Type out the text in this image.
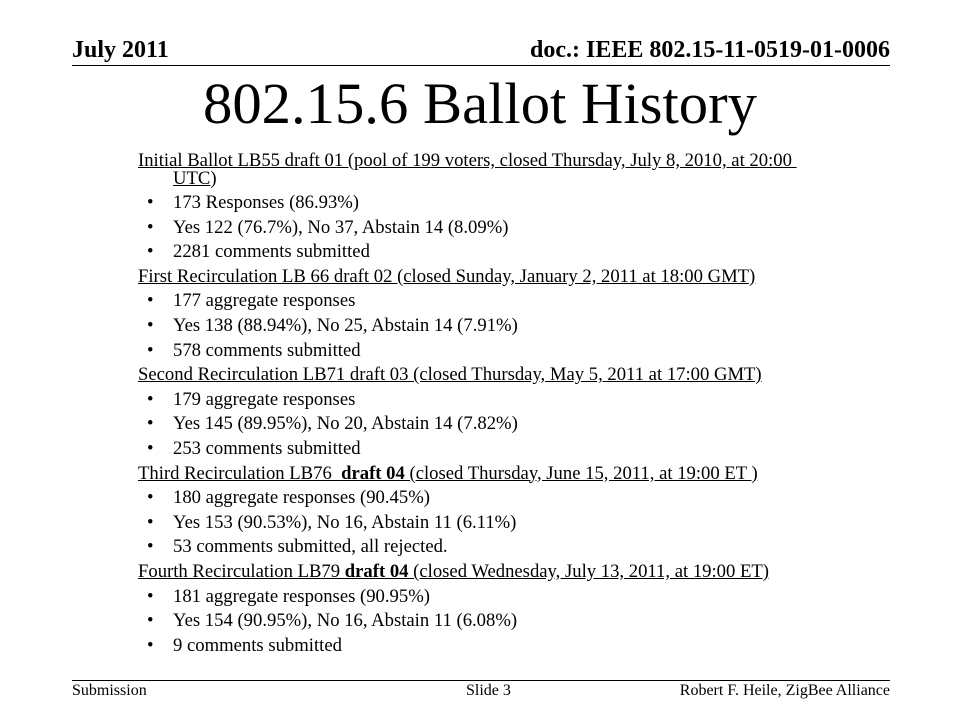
July 2011	doc.: IEEE 802.15-11-0519-01-0006
802.15.6 Ballot History

Initial Ballot LB55 draft 01 (pool of 199 voters, closed Thursday, July 8, 2010, at 20:00 UTC)

• 173 Responses (86.93%)

• Yes 122 (76.7%), No 37, Abstain 14 (8.09%)

• 2281 comments submitted

First Recirculation LB 66 draft 02 (closed Sunday, January 2, 2011 at 18:00 GMT)

• 177 aggregate responses

• Yes 138 (88.94%), No 25, Abstain 14 (7.91%)

• 578 comments submitted

Second Recirculation LB71 draft 03 (closed Thursday, May 5, 2011 at 17:00 GMT)

• 179 aggregate responses

• Yes 145 (89.95%), No 20, Abstain 14 (7.82%)

• 253 comments submitted

Third Recirculation LB76  draft 04 (closed Thursday, June 15, 2011, at 19:00 ET )

• 180 aggregate responses (90.45%)

• Yes 153 (90.53%), No 16, Abstain 11 (6.11%)

• 53 comments submitted, all rejected.

Fourth Recirculation LB79 draft 04 (closed Wednesday, July 13, 2011, at 19:00 ET)

• 181 aggregate responses (90.95%)

• Yes 154 (90.95%), No 16, Abstain 11 (6.08%)

• 9 comments submitted

Submission	Slide 3	Robert F. Heile, ZigBee Alliance
